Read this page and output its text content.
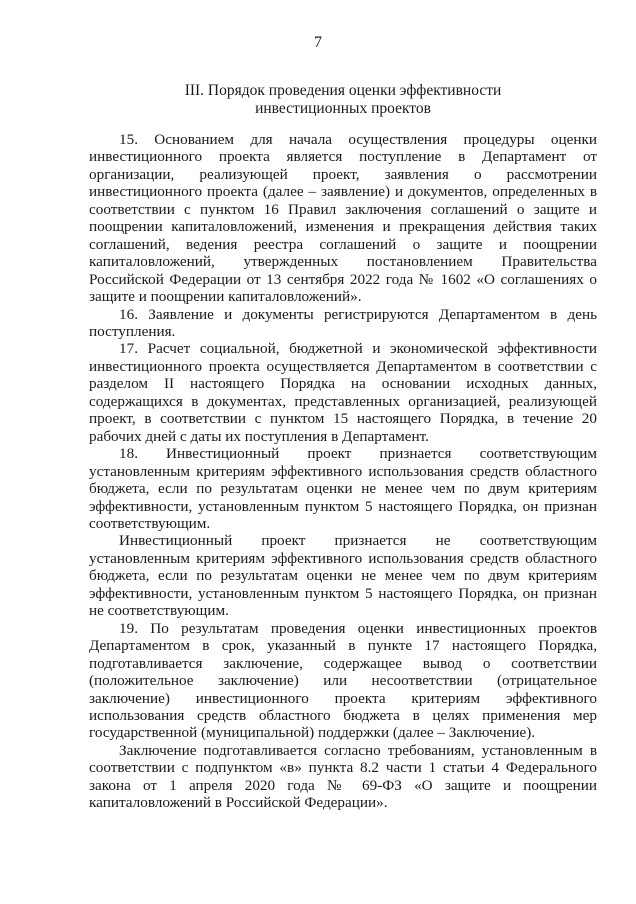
7
III. Порядок проведения оценки эффективности
инвестиционных проектов

15. Основанием для начала осуществления процедуры оценки инвестиционного проекта является поступление в Департамент от организации, реализующей проект, заявления о рассмотрении инвестиционного проекта (далее – заявление) и документов, определенных в соответствии с пунктом 16 Правил заключения соглашений о защите и поощрении капиталовложений, изменения и прекращения действия таких соглашений, ведения реестра соглашений о защите и поощрении капиталовложений, утвержденных постановлением Правительства Российской Федерации от 13 сентября 2022 года № 1602 «О соглашениях о защите и поощрении капиталовложений».

16. Заявление и документы регистрируются Департаментом в день поступления.

17. Расчет социальной, бюджетной и экономической эффективности инвестиционного проекта осуществляется Департаментом в соответствии с разделом II настоящего Порядка на основании исходных данных, содержащихся в документах, представленных организацией, реализующей проект, в соответствии с пунктом 15 настоящего Порядка, в течение 20 рабочих дней с даты их поступления в Департамент.

18. Инвестиционный проект признается соответствующим установленным критериям эффективного использования средств областного бюджета, если по результатам оценки не менее чем по двум критериям эффективности, установленным пунктом 5 настоящего Порядка, он признан соответствующим.

Инвестиционный проект признается не соответствующим установленным критериям эффективного использования средств областного бюджета, если по результатам оценки не менее чем по двум критериям эффективности, установленным пунктом 5 настоящего Порядка, он признан не соответствующим.

19. По результатам проведения оценки инвестиционных проектов Департаментом в срок, указанный в пункте 17 настоящего Порядка, подготавливается заключение, содержащее вывод о соответствии (положительное заключение) или несоответствии (отрицательное заключение) инвестиционного проекта критериям эффективного использования средств областного бюджета в целях применения мер государственной (муниципальной) поддержки (далее – Заключение).

Заключение подготавливается согласно требованиям, установленным в соответствии с подпунктом «в» пункта 8.2 части 1 статьи 4 Федерального закона от 1 апреля 2020 года № 69-ФЗ «О защите и поощрении капиталовложений в Российской Федерации».
